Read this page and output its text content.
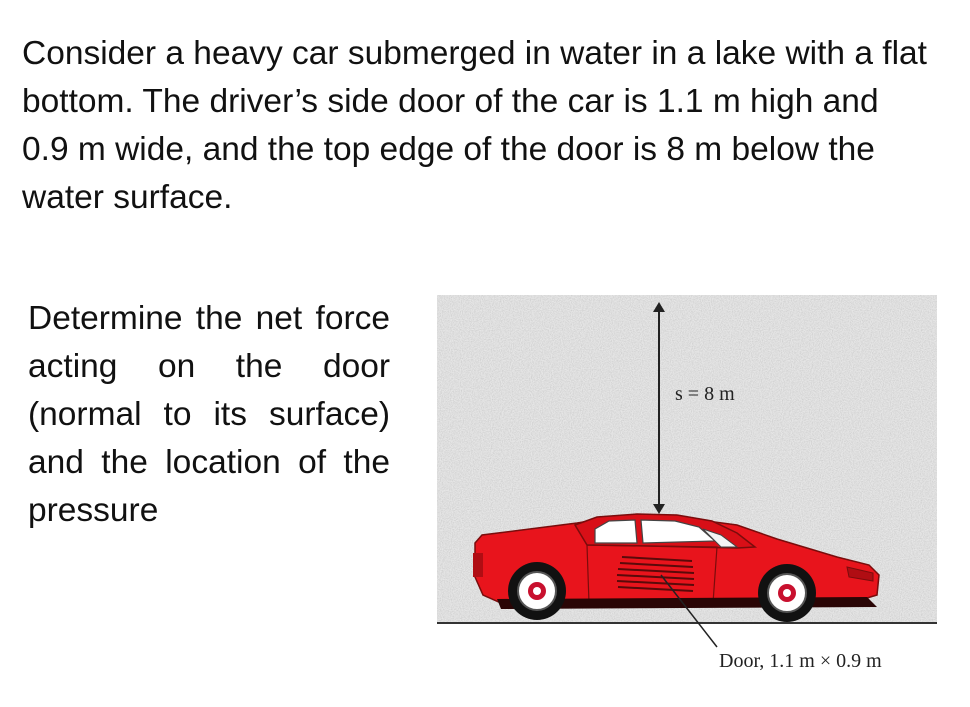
Consider a heavy car submerged in water in a lake with a flat bottom. The driver’s side door of the car is 1.1 m high and 0.9 m wide, and the top edge of the door is 8 m below the water surface.

Determine the net force acting on the door (normal to its surface) and the location of the pressure

s = 8 m
Door, 1.1 m × 0.9 m
